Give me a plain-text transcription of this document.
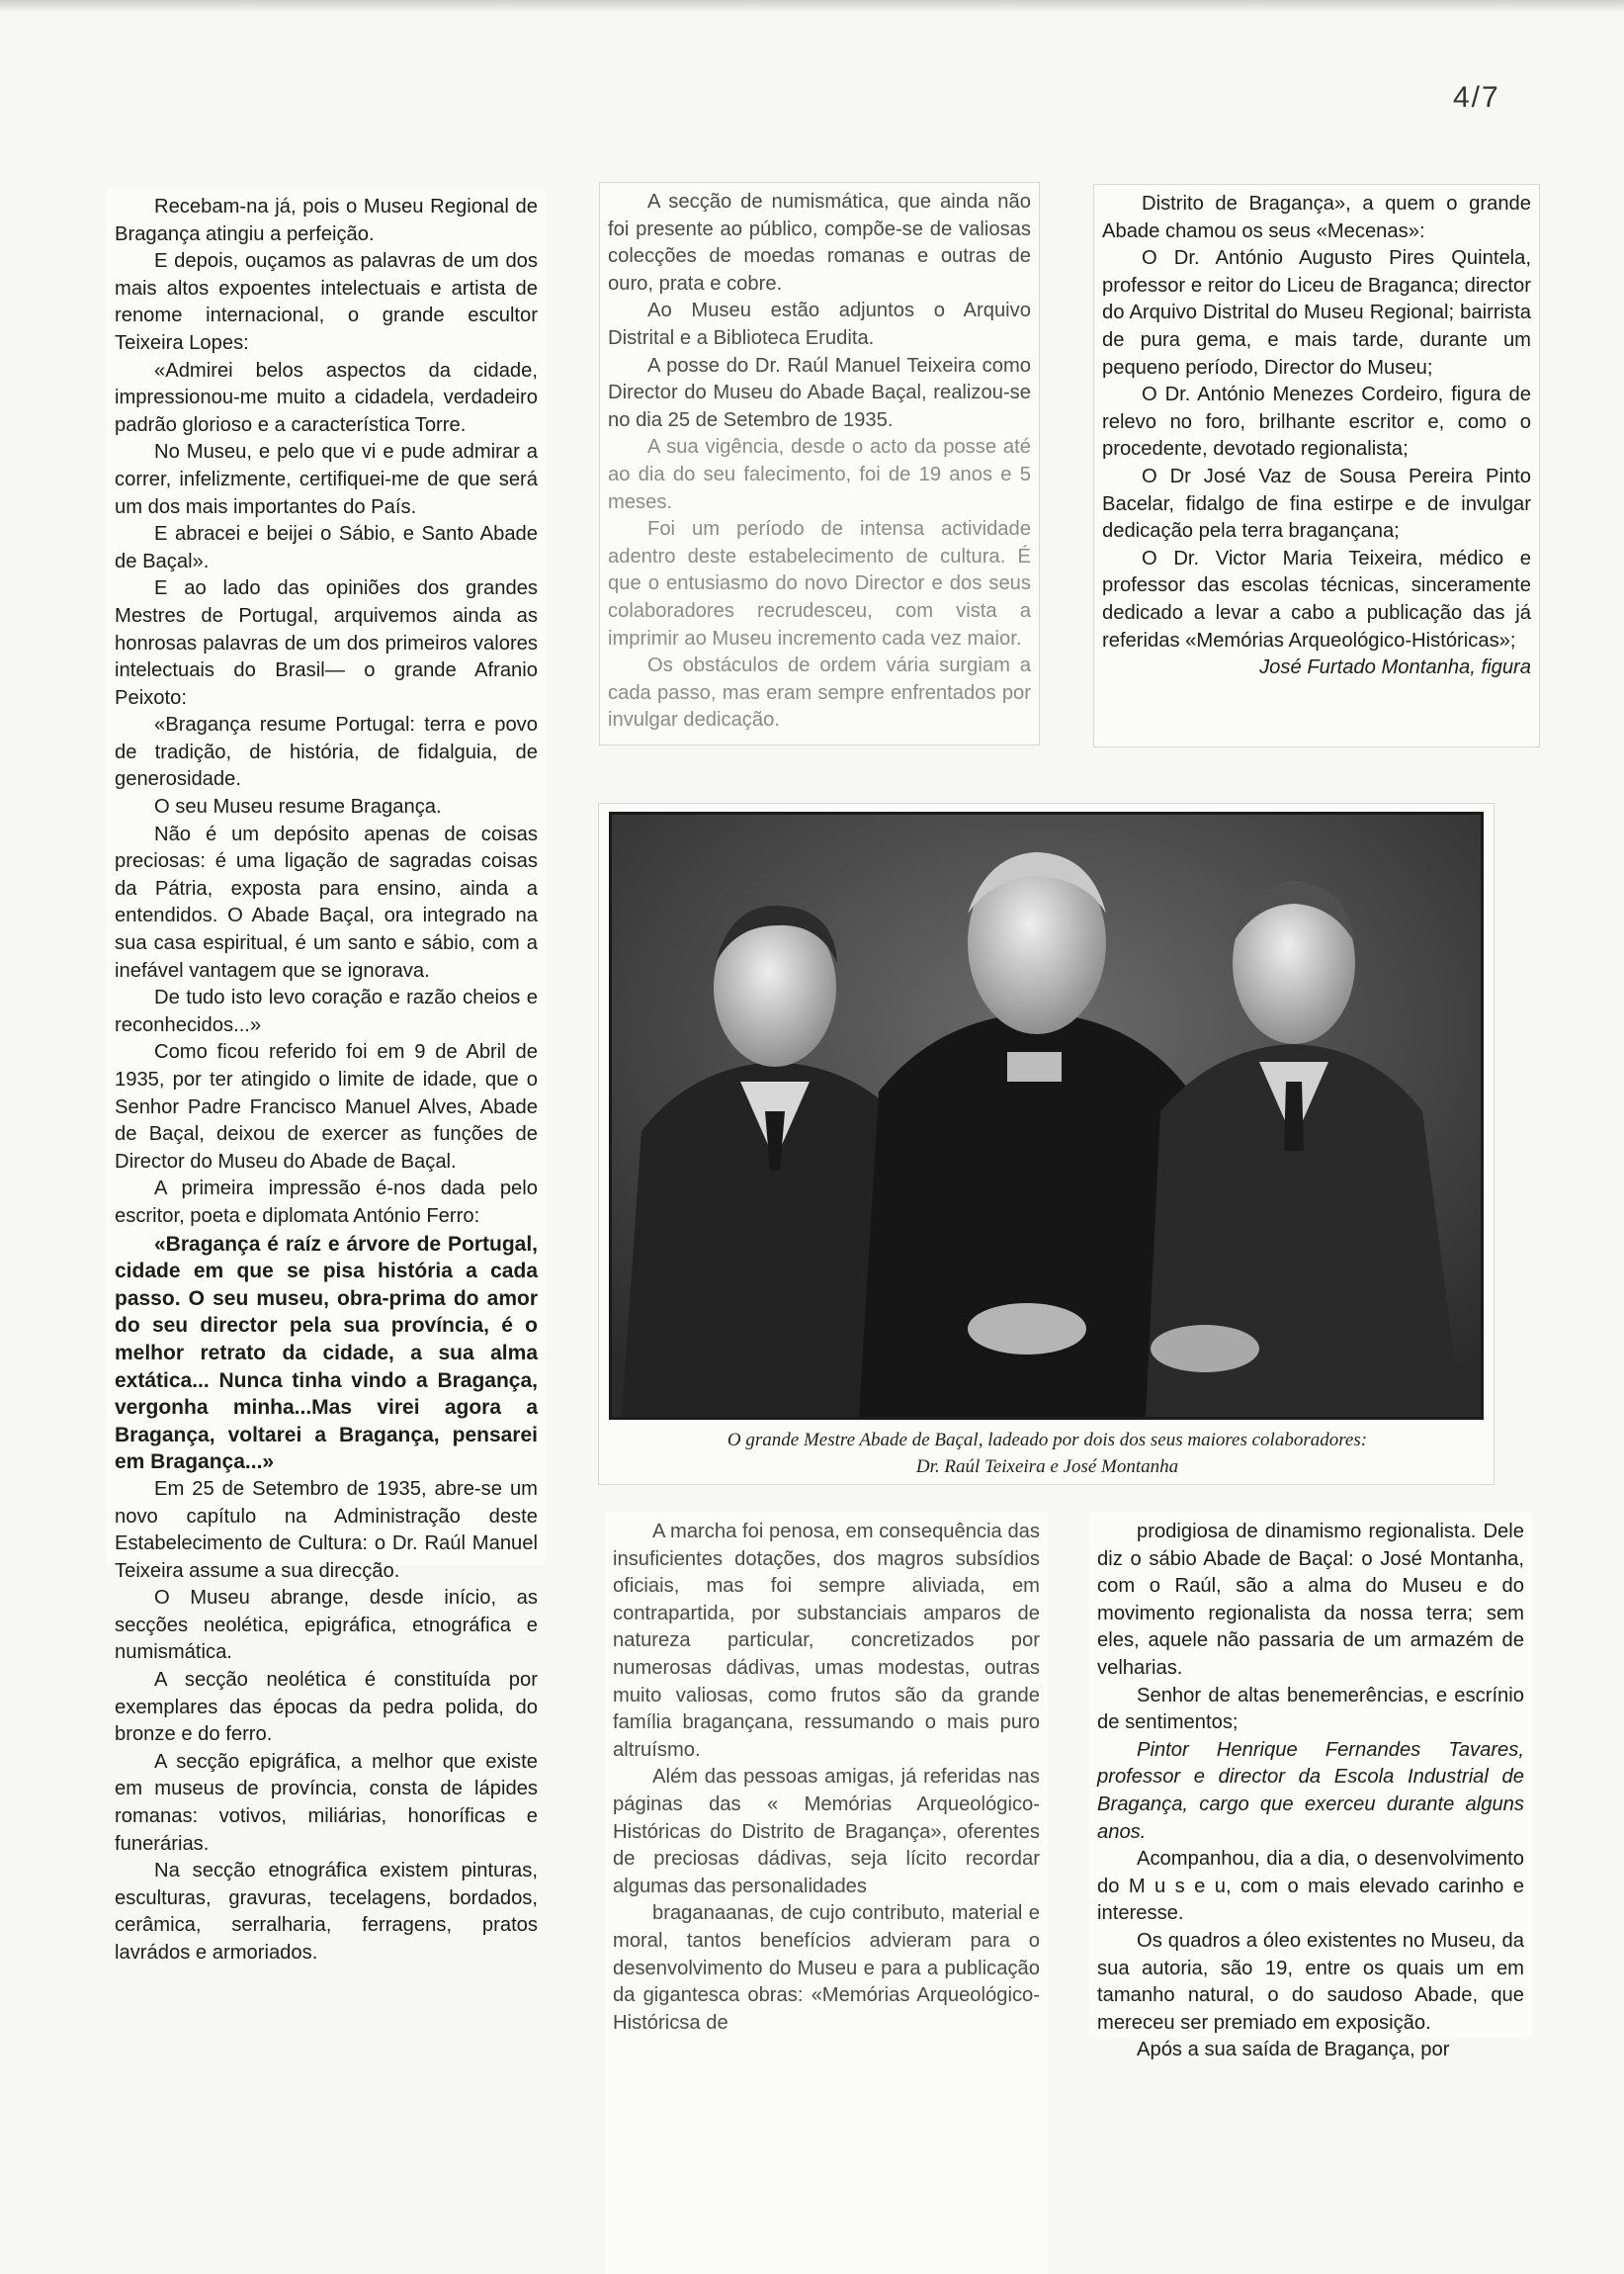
4/7

Recebam-na já, pois o Museu Regional de Bragança atingiu a perfeição.

E depois, ouçamos as palavras de um dos mais altos expoentes intelectuais e artista de renome internacional, o grande escultor Teixeira Lopes:

«Admirei belos aspectos da cidade, impressionou-me muito a cidadela, verdadeiro padrão glorioso e a característica Torre.

No Museu, e pelo que vi e pude admirar a correr, infelizmente, certifiquei-me de que será um dos mais importantes do País.

E abracei e beijei o Sábio, e Santo Abade de Baçal».

E ao lado das opiniões dos grandes Mestres de Portugal, arquivemos ainda as honrosas palavras de um dos primeiros valores intelectuais do Brasil— o grande Afranio Peixoto:

«Bragança resume Portugal: terra e povo de tradição, de história, de fidalguia, de generosidade.

O seu Museu resume Bragança.

Não é um depósito apenas de coisas preciosas: é uma ligação de sagradas coisas da Pátria, exposta para ensino, ainda a entendidos. O Abade Baçal, ora integrado na sua casa espiritual, é um santo e sábio, com a inefável vantagem que se ignorava.

De tudo isto levo coração e razão cheios e reconhecidos...»

Como ficou referido foi em 9 de Abril de 1935, por ter atingido o limite de idade, que o Senhor Padre Francisco Manuel Alves, Abade de Baçal, deixou de exercer as funções de Director do Museu do Abade de Baçal.

A primeira impressão é-nos dada pelo escritor, poeta e diplomata António Ferro:

«Bragança é raíz e árvore de Portugal, cidade em que se pisa história a cada passo. O seu museu, obra-prima do amor do seu director pela sua província, é o melhor retrato da cidade, a sua alma extática... Nunca tinha vindo a Bragança, vergonha minha...Mas virei agora a Bragança, voltarei a Bragança, pensarei em Bragança...»

Em 25 de Setembro de 1935, abre-se um novo capítulo na Administração deste Estabelecimento de Cultura: o Dr. Raúl Manuel Teixeira assume a sua direcção.

O Museu abrange, desde início, as secções neolética, epigráfica, etnográfica e numismática.

A secção neolética é constituída por exemplares das épocas da pedra polida, do bronze e do ferro.

A secção epigráfica, a melhor que existe em museus de província, consta de lápides romanas: votivos, miliárias, honoríficas e funerárias.

Na secção etnográfica existem pinturas, esculturas, gravuras, tecelagens, bordados, cerâmica, serralharia, ferragens, pratos lavrádos e armoriados.

A secção de numismática, que ainda não foi presente ao público, compõe-se de valiosas colecções de moedas romanas e outras de ouro, prata e cobre.

Ao Museu estão adjuntos o Arquivo Distrital e a Biblioteca Erudita.

A posse do Dr. Raúl Manuel Teixeira como Director do Museu do Abade Baçal, realizou-se no dia 25 de Setembro de 1935.

A sua vigência, desde o acto da posse até ao dia do seu falecimento, foi de 19 anos e 5 meses.

Foi um período de intensa actividade adentro deste estabelecimento de cultura. É que o entusiasmo do novo Director e dos seus colaboradores recrudesceu, com vista a imprimir ao Museu incremento cada vez maior.

Os obstáculos de ordem vária surgiam a cada passo, mas eram sempre enfrentados por invulgar dedicação.

Distrito de Bragança», a quem o grande Abade chamou os seus «Mecenas»:

O Dr. António Augusto Pires Quintela, professor e reitor do Liceu de Braganca; director do Arquivo Distrital do Museu Regional; bairrista de pura gema, e mais tarde, durante um pequeno período, Director do Museu;

O Dr. António Menezes Cordeiro, figura de relevo no foro, brilhante escritor e, como o procedente, devotado regionalista;

O Dr José Vaz de Sousa Pereira Pinto Bacelar, fidalgo de fina estirpe e de invulgar dedicação pela terra bragançana;

O Dr. Victor Maria Teixeira, médico e professor das escolas técnicas, sinceramente dedicado a levar a cabo a publicação das já referidas «Memórias Arqueológico-Históricas»;

José Furtado Montanha, figura

O grande Mestre Abade de Baçal, ladeado por dois dos seus maiores colaboradores:
Dr. Raúl Teixeira e José Montanha

A marcha foi penosa, em consequência das insuficientes dotações, dos magros subsídios oficiais, mas foi sempre aliviada, em contrapartida, por substanciais amparos de natureza particular, concretizados por numerosas dádivas, umas modestas, outras muito valiosas, como frutos são da grande família bragançana, ressumando o mais puro altruísmo.

Além das pessoas amigas, já referidas nas páginas das « Memórias Arqueológico-Históricas do Distrito de Bragança», oferentes de preciosas dádivas, seja lícito recordar algumas das personalidades

braganaanas, de cujo contributo, material e moral, tantos benefícios advieram para o desenvolvimento do Museu e para a publicação da gigantesca obras: «Memórias Arqueológico-Históricsa de

prodigiosa de dinamismo regionalista. Dele diz o sábio Abade de Baçal: o José Montanha, com o Raúl, são a alma do Museu e do movimento regionalista da nossa terra; sem eles, aquele não passaria de um armazém de velharias.

Senhor de altas benemerências, e escrínio de sentimentos;

Pintor Henrique Fernandes Tavares, professor e director da Escola Industrial de Bragança, cargo que exerceu durante alguns anos.

Acompanhou, dia a dia, o desenvolvimento do M u s e u, com o mais elevado carinho e interesse.

Os quadros a óleo existentes no Museu, da sua autoria, são 19, entre os quais um em tamanho natural, o do saudoso Abade, que mereceu ser premiado em exposição.

Após a sua saída de Bragança, por
